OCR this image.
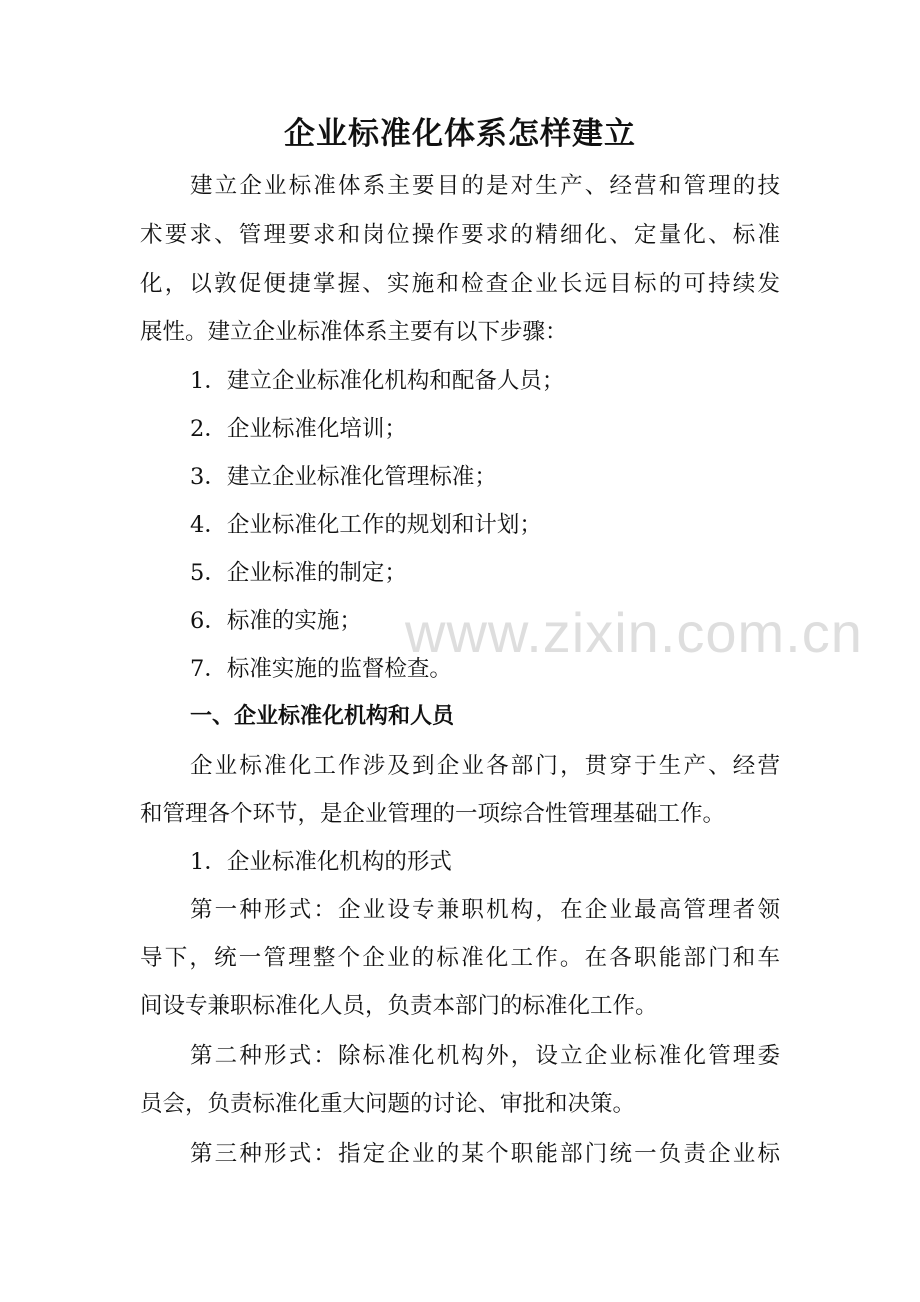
企业标准化体系怎样建立
建立企业标准体系主要目的是对生产、经营和管理的技
术要求、管理要求和岗位操作要求的精细化、定量化、标准
化，以敦促便捷掌握、实施和检查企业长远目标的可持续发
展性。建立企业标准体系主要有以下步骤：
1．建立企业标准化机构和配备人员；
2．企业标准化培训；
3．建立企业标准化管理标准；
4．企业标准化工作的规划和计划；
5．企业标准的制定；
6．标准的实施；
7．标准实施的监督检查。
一、企业标准化机构和人员
企业标准化工作涉及到企业各部门，贯穿于生产、经营
和管理各个环节，是企业管理的一项综合性管理基础工作。
1．企业标准化机构的形式
第一种形式：企业设专兼职机构，在企业最高管理者领
导下，统一管理整个企业的标准化工作。在各职能部门和车
间设专兼职标准化人员，负责本部门的标准化工作。
第二种形式：除标准化机构外，设立企业标准化管理委
员会，负责标准化重大问题的讨论、审批和决策。
第三种形式：指定企业的某个职能部门统一负责企业标
www.zixin.com.cn
